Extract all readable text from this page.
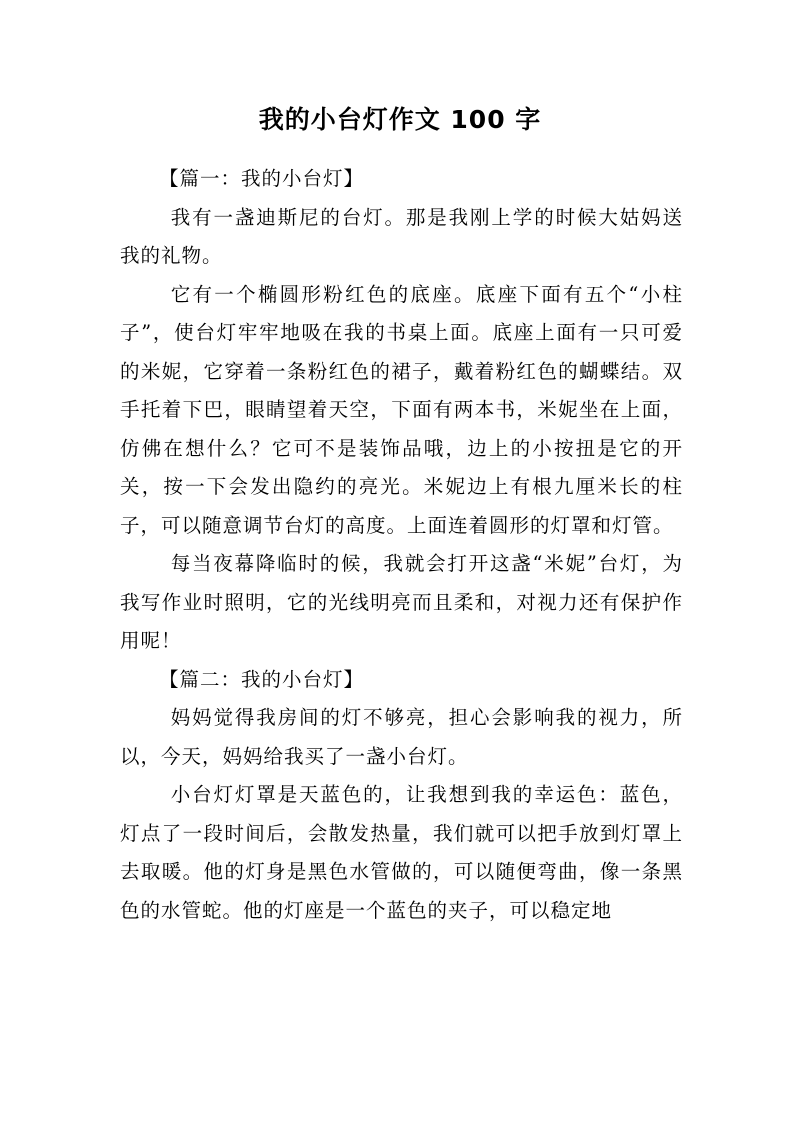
我的小台灯作文 100 字

【篇一：我的小台灯】

我有一盏迪斯尼的台灯。那是我刚上学的时候大姑妈送我的礼物。

它有一个椭圆形粉红色的底座。底座下面有五个“小柱子”，使台灯牢牢地吸在我的书桌上面。底座上面有一只可爱的米妮，它穿着一条粉红色的裙子，戴着粉红色的蝴蝶结。双手托着下巴，眼睛望着天空，下面有两本书，米妮坐在上面，仿佛在想什么？它可不是装饰品哦，边上的小按扭是它的开关，按一下会发出隐约的亮光。米妮边上有根九厘米长的柱子，可以随意调节台灯的高度。上面连着圆形的灯罩和灯管。

每当夜幕降临时的候，我就会打开这盏“米妮”台灯，为我写作业时照明，它的光线明亮而且柔和，对视力还有保护作用呢！

【篇二：我的小台灯】

妈妈觉得我房间的灯不够亮，担心会影响我的视力，所以，今天，妈妈给我买了一盏小台灯。

小台灯灯罩是天蓝色的，让我想到我的幸运色：蓝色，灯点了一段时间后，会散发热量，我们就可以把手放到灯罩上去取暖。他的灯身是黑色水管做的，可以随便弯曲，像一条黑色的水管蛇。他的灯座是一个蓝色的夹子，可以稳定地
